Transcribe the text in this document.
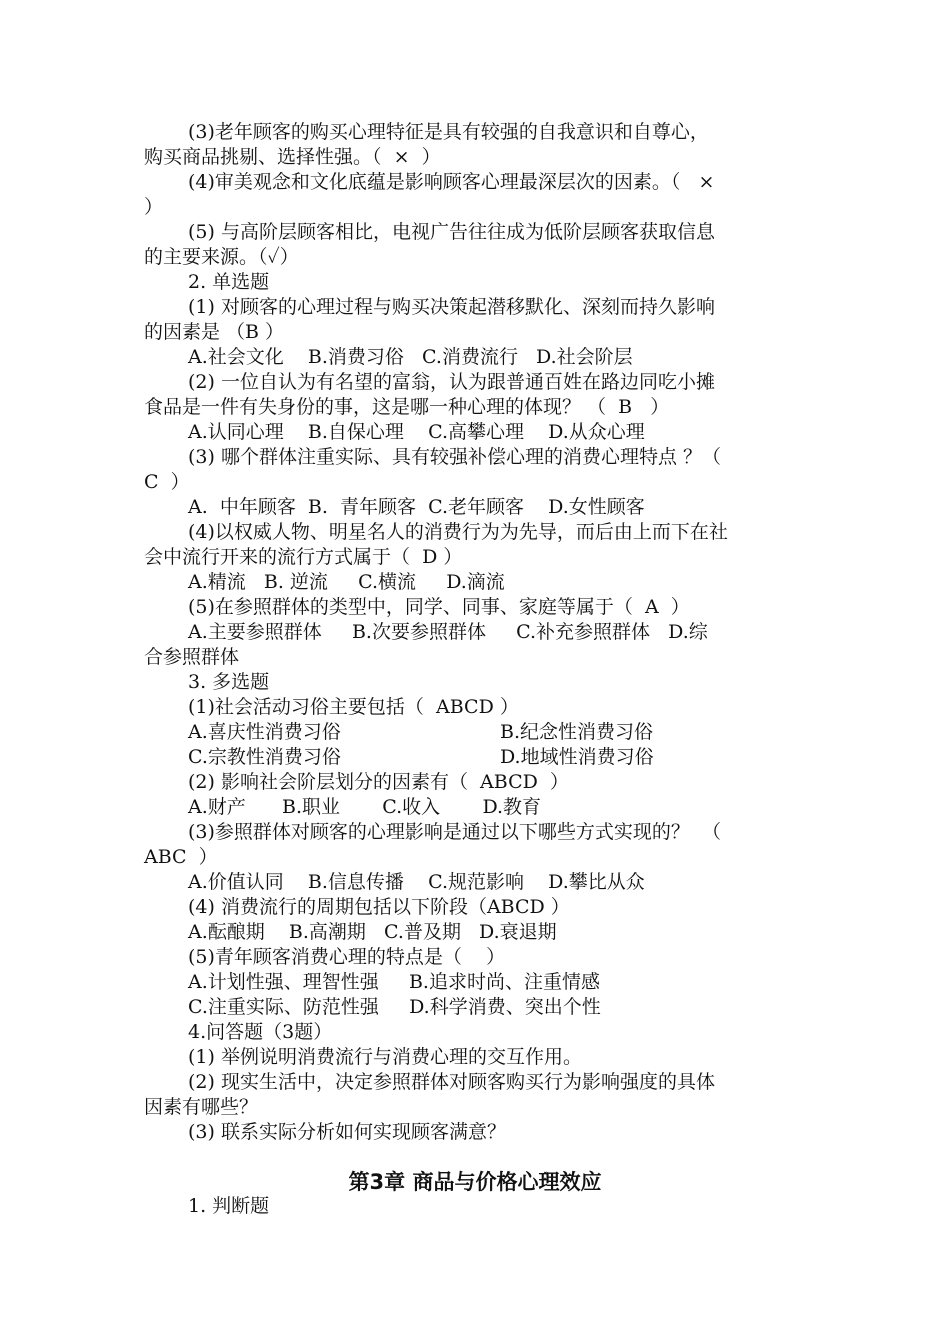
第3章 商品与价格心理效应
1. 判断题
(3)老年顾客的购买心理特征是具有较强的自我意识和自尊心，
购买商品挑剔、选择性强。（  ×  ）
(4)审美观念和文化底蕴是影响顾客心理最深层次的因素。（   ×
）
(5) 与高阶层顾客相比，电视广告往往成为低阶层顾客获取信息
的主要来源。（✓）
2. 单选题
(1) 对顾客的心理过程与购买决策起潜移默化、深刻而持久影响
的因素是 （B ）
A.社会文化    B.消费习俗   C.消费流行   D.社会阶层
(2) 一位自认为有名望的富翁，认为跟普通百姓在路边同吃小摊
食品是一件有失身份的事，这是哪一种心理的体现？ （  B   ）
A.认同心理    B.自保心理    C.高攀心理    D.从众心理
(3) 哪个群体注重实际、具有较强补偿心理的消费心理特点 ？（
C  ）
A.  中年顾客  B.  青年顾客  C.老年顾客    D.女性顾客
(4)以权威人物、明星名人的消费行为为先导，而后由上而下在社
会中流行开来的流行方式属于（  D ）
A.精流   B. 逆流     C.横流     D.滴流
(5)在参照群体的类型中，同学、同事、家庭等属于（  A  ）
A.主要参照群体     B.次要参照群体     C.补充参照群体   D.综
合参照群体
3. 多选题
(1)社会活动习俗主要包括（  ABCD ）
A.喜庆性消费习俗	B.纪念性消费习俗
C.宗教性消费习俗	D.地域性消费习俗
(2) 影响社会阶层划分的因素有（  ABCD  ）
A.财产      B.职业       C.收入       D.教育
(3)参照群体对顾客的心理影响是通过以下哪些方式实现的？  （
ABC  ）
A.价值认同    B.信息传播    C.规范影响    D.攀比从众
(4) 消费流行的周期包括以下阶段（ABCD ）
A.酝酿期    B.高潮期   C.普及期   D.衰退期
(5)青年顾客消费心理的特点是（    ）
A.计划性强、理智性强     B.追求时尚、注重情感
C.注重实际、防范性强     D.科学消费、突出个性
4.问答题（3题）
(1) 举例说明消费流行与消费心理的交互作用。
(2) 现实生活中，决定参照群体对顾客购买行为影响强度的具体
因素有哪些？
(3) 联系实际分析如何实现顾客满意？
